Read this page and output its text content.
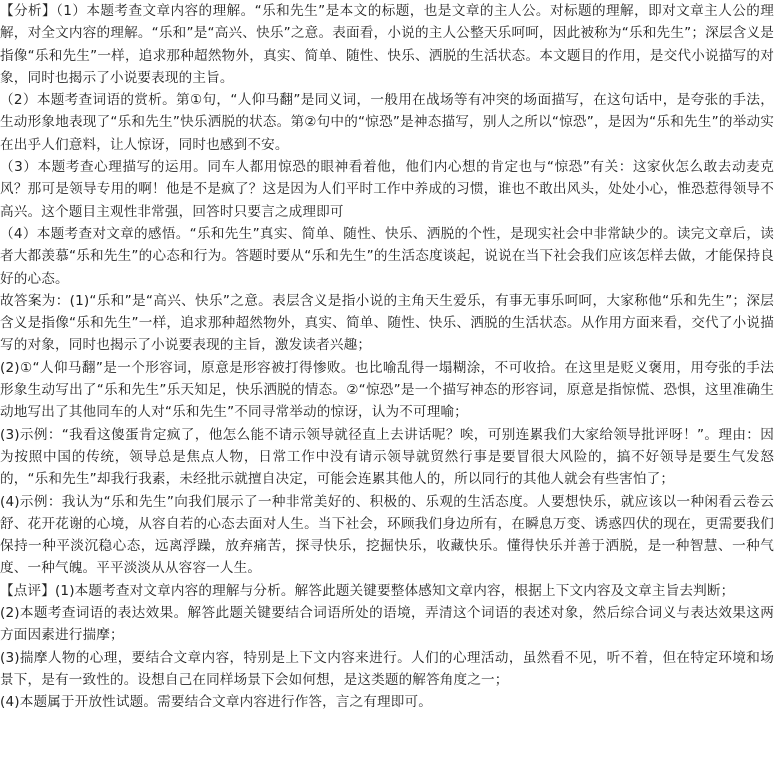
【分析】（1）本题考查文章内容的理解。“乐和先生”是本文的标题，也是文章的主人公。对标题的理解，即对文章主人公的理解，对全文内容的理解。“乐和”是“高兴、快乐”之意。表面看，小说的主人公整天乐呵呵，因此被称为“乐和先生”；深层含义是指像“乐和先生”一样，追求那种超然物外，真实、简单、随性、快乐、洒脱的生活状态。本文题目的作用，是交代小说描写的对象，同时也揭示了小说要表现的主旨。

（2）本题考查词语的赏析。第①句，“人仰马翻”是同义词，一般用在战场等有冲突的场面描写，在这句话中，是夸张的手法，生动形象地表现了“乐和先生”快乐洒脱的状态。第②句中的“惊恐”是神态描写，别人之所以“惊恐”，是因为“乐和先生”的举动实在出乎人们意料，让人惊讶，同时也感到不安。

（3）本题考查心理描写的运用。同车人都用惊恐的眼神看着他，他们内心想的肯定也与“惊恐”有关：这家伙怎么敢去动麦克风？那可是领导专用的啊！他是不是疯了？这是因为人们平时工作中养成的习惯，谁也不敢出风头，处处小心，惟恐惹得领导不高兴。这个题目主观性非常强，回答时只要言之成理即可

（4）本题考查对文章的感悟。“乐和先生”真实、简单、随性、快乐、洒脱的个性，是现实社会中非常缺少的。读完文章后，读者大都羡慕“乐和先生”的心态和行为。答题时要从“乐和先生”的生活态度谈起，说说在当下社会我们应该怎样去做，才能保持良好的心态。

故答案为：(1)“乐和”是“高兴、快乐”之意。表层含义是指小说的主角天生爱乐，有事无事乐呵呵，大家称他“乐和先生”；深层含义是指像“乐和先生”一样，追求那种超然物外，真实、简单、随性、快乐、洒脱的生活状态。从作用方面来看，交代了小说描写的对象，同时也揭示了小说要表现的主旨，激发读者兴趣；

(2)①“人仰马翻”是一个形容词，原意是形容被打得惨败。也比喻乱得一塌糊涂，不可收拾。在这里是贬义褒用，用夸张的手法形象生动写出了“乐和先生”乐天知足，快乐洒脱的情态。②“惊恐”是一个描写神态的形容词，原意是指惊慌、恐惧，这里准确生动地写出了其他同车的人对“乐和先生”不同寻常举动的惊讶，认为不可理喻；

(3)示例：“我看这傻蛋肯定疯了，他怎么能不请示领导就径直上去讲话呢？唉，可别连累我们大家给领导批评呀！”。理由：因为按照中国的传统，领导总是焦点人物，日常工作中没有请示领导就贸然行事是要冒很大风险的，搞不好领导是要生气发怒的，“乐和先生”却我行我素，未经批示就擅自决定，可能会连累其他人的，所以同行的其他人就会有些害怕了；

(4)示例：我认为“乐和先生”向我们展示了一种非常美好的、积极的、乐观的生活态度。人要想快乐，就应该以一种闲看云卷云舒、花开花谢的心境，从容自若的心态去面对人生。当下社会，环顾我们身边所有，在瞬息万变、诱惑四伏的现在，更需要我们保持一种平淡沉稳心态，远离浮躁，放弃痛苦，探寻快乐，挖掘快乐，收藏快乐。懂得快乐并善于洒脱，是一种智慧、一种气度、一种气魄。平平淡淡从从容容一人生。

【点评】(1)本题考查对文章内容的理解与分析。解答此题关键要整体感知文章内容，根据上下文内容及文章主旨去判断；

(2)本题考查词语的表达效果。解答此题关键要结合词语所处的语境，弄清这个词语的表述对象，然后综合词义与表达效果这两方面因素进行揣摩；

(3)揣摩人物的心理，要结合文章内容，特别是上下文内容来进行。人们的心理活动，虽然看不见，听不着，但在特定环境和场景下，是有一致性的。设想自己在同样场景下会如何想，是这类题的解答角度之一；

(4)本题属于开放性试题。需要结合文章内容进行作答，言之有理即可。
